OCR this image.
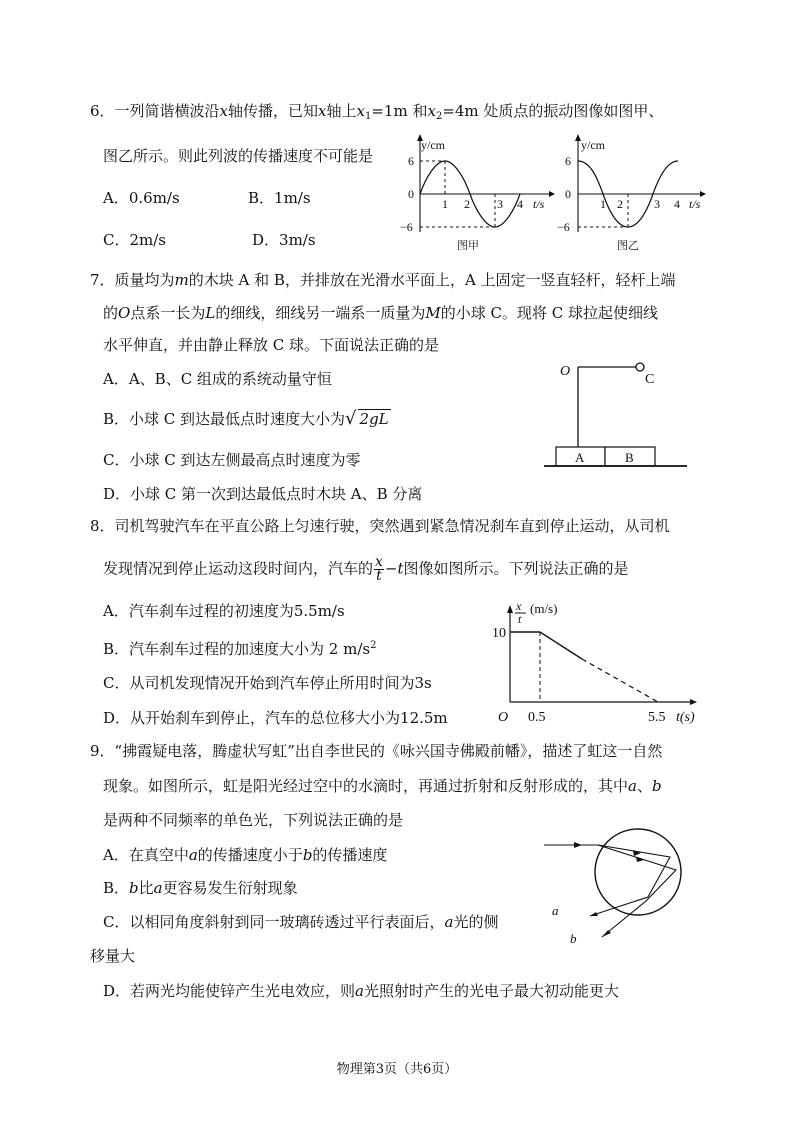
6．一列简谐横波沿x轴传播，已知x轴上$x_1=1m$ 和$x_2=4m$ 处质点的振动图像如图甲、
图乙所示。则此列波的传播速度不可能是
A．0.6m/s	B．1m/s
C．2m/s	D．3m/s
y/cm
6
0
−6
1 2 3 4 t/s
图甲
y/cm
6
0
−6
1 2	3 4 t/s
图乙
7．质量均为m的木块 A 和 B，并排放在光滑水平面上，A 上固定一竖直轻杆，轻杆上端
的O点系一长为L的细线，细线另一端系一质量为M的小球 C。现将 C 球拉起使细线
水平伸直，并由静止释放 C 球。下面说法正确的是
A．A、B、C 组成的系统动量守恒
B．小球 C 到达最低点时速度大小为√ 2gL
C．小球 C 到达左侧最高点时速度为零
D．小球 C 第一次到达最低点时木块 A、B 分离
O
C
A	B
8．司机驾驶汽车在平直公路上匀速行驶，突然遇到紧急情况刹车直到停止运动，从司机
发现情况到停止运动这段时间内，汽车的 $\frac{x}{t} -t$图像如图所示。下列说法正确的是
A．汽车刹车过程的初速度为5.5m/s
B．汽车刹车过程的加速度大小为 2 $m/s^2$
C．从司机发现情况开始到汽车停止所用时间为3s
D．从开始刹车到停止，汽车的总位移大小为12.5m
x
t
(m/s)
10
O 0.5	5.5 t(s)
9．“拂霞疑电落，腾虚状写虹”出自李世民的《咏兴国寺佛殿前幡》，描述了虹这一自然
现象。如图所示，虹是阳光经过空中的水滴时，再通过折射和反射形成的，其中a、b
是两种不同频率的单色光，下列说法正确的是
A．在真空中a的传播速度小于b的传播速度
B．b比a更容易发生衍射现象
C．以相同角度斜射到同一玻璃砖透过平行表面后，a光的侧
移量大
D．若两光均能使锌产生光电效应，则a光照射时产生的光电子最大初动能更大
a
b
物理第3页（共6页）
